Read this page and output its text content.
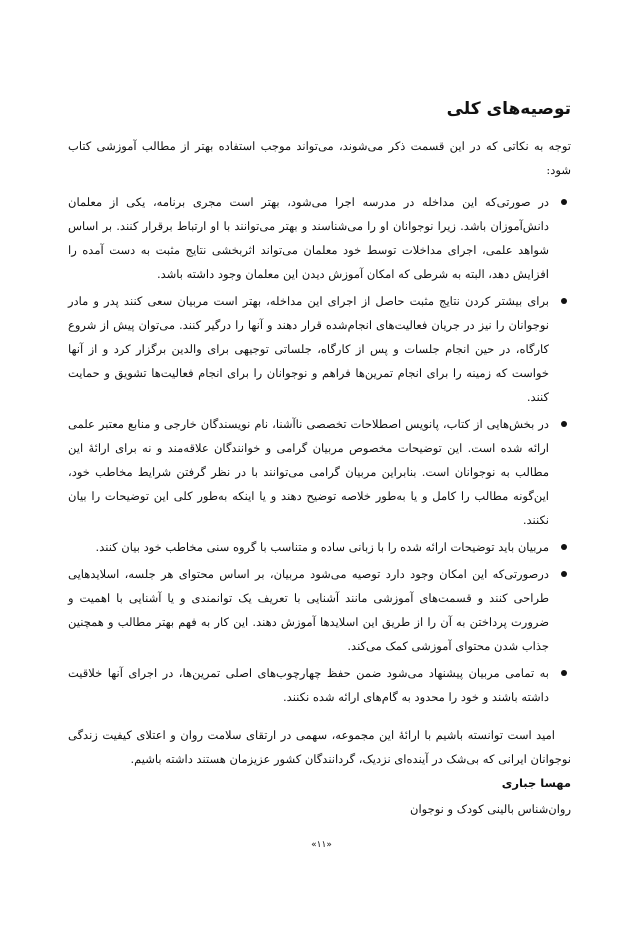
توصیه‌های کلی

توجه به نکاتی که در این قسمت ذکر می‌شوند، می‌تواند موجب استفاده بهتر از مطالب آموزشی کتاب شود:

در صورتی‌که این مداخله در مدرسه اجرا می‌شود، بهتر است مجری برنامه، یکی از معلمان دانش‌آموزان باشد. زیرا نوجوانان او را می‌شناسند و بهتر می‌توانند با او ارتباط برقرار کنند. بر اساس شواهد علمی، اجرای مداخلات توسط خود معلمان می‌تواند اثربخشی نتایج مثبت به دست آمده را افزایش دهد، البته به شرطی که امکان آموزش دیدن این معلمان وجود داشته باشد.
برای بیشتر کردن نتایج مثبت حاصل از اجرای این مداخله، بهتر است مربیان سعی کنند پدر و مادر نوجوانان را نیز در جریان فعالیت‌های انجام‌شده قرار دهند و آنها را درگیر کنند. می‌توان پیش از شروع کارگاه، در حین انجام جلسات و پس از کارگاه، جلساتی توجیهی برای والدین برگزار کرد و از آنها خواست که زمینه را برای انجام تمرین‌ها فراهم و نوجوانان را برای انجام فعالیت‌ها تشویق و حمایت کنند.
در بخش‌هایی از کتاب، پانویس اصطلاحات تخصصی ناآشنا، نام نویسندگان خارجی و منابع معتبر علمی ارائه شده است. این توضیحات مخصوص مربیان گرامی و خوانندگان علاقه‌مند و نه برای ارائهٔ این مطالب به نوجوانان است. بنابراین مربیان گرامی می‌توانند با در نظر گرفتن شرایط مخاطب خود، این‌گونه مطالب را کامل و یا به‌طور خلاصه توضیح دهند و یا اینکه به‌طور کلی این توضیحات را بیان نکنند.
مربیان باید توضیحات ارائه شده را با زبانی ساده و متناسب با گروه سنی مخاطب خود بیان کنند.
درصورتی‌که این امکان وجود دارد توصیه می‌شود مربیان، بر اساس محتوای هر جلسه، اسلایدهایی طراحی کنند و قسمت‌های آموزشی مانند آشنایی با تعریف یک توانمندی و یا آشنایی با اهمیت و ضرورت پرداختن به آن را از طریق این اسلایدها آموزش دهند. این کار به فهم بهتر مطالب و همچنین جذاب شدن محتوای آموزشی کمک می‌کند.
به تمامی مربیان پیشنهاد می‌شود ضمن حفظ چهارچوب‌های اصلی تمرین‌ها، در اجرای آنها خلاقیت داشته باشند و خود را محدود به گام‌های ارائه شده نکنند.

امید است توانسته باشیم با ارائهٔ این مجموعه، سهمی در ارتقای سلامت روان و اعتلای کیفیت زندگی نوجوانان ایرانی که بی‌شک در آینده‌ای نزدیک، گردانندگان کشور عزیزمان هستند داشته باشیم.

مهسا جباری

روان‌شناس بالینی کودک و نوجوان

«۱۱»
